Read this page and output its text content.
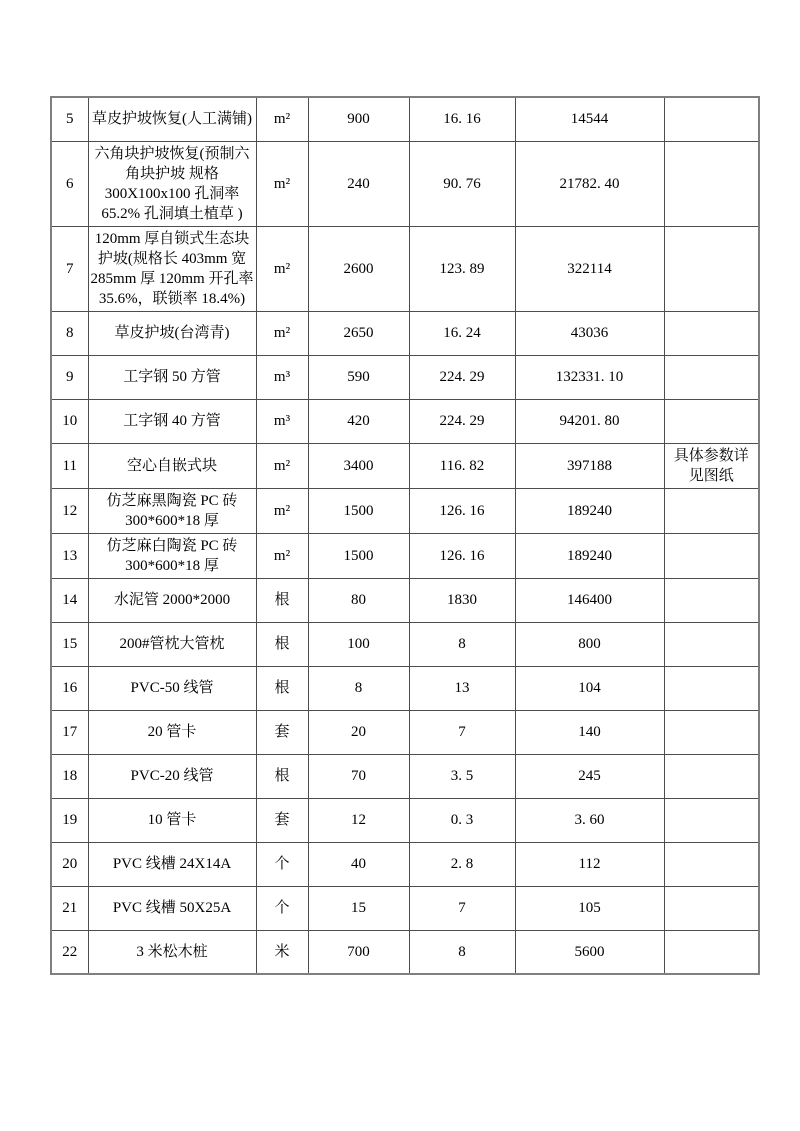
5	草皮护坡恢复(人工满铺)	m²	900	16. 16	14544	
6	六角块护坡恢复(预制六角块护坡 规格300X100x100 孔洞率65.2% 孔洞填土植草 )	m²	240	90. 76	21782. 40	
7	120mm 厚自锁式生态块护坡(规格长 403mm 宽 285mm 厚 120mm 开孔率 35.6%，联锁率 18.4%)	m²	2600	123. 89	322114	
8	草皮护坡(台湾青)	m²	2650	16. 24	43036	
9	工字钢 50 方管	m³	590	224. 29	132331. 10	
10	工字钢 40 方管	m³	420	224. 29	94201. 80	
11	空心自嵌式块	m²	3400	116. 82	397188	具体参数详见图纸
12	仿芝麻黑陶瓷 PC 砖 300*600*18 厚	m²	1500	126. 16	189240	
13	仿芝麻白陶瓷 PC 砖 300*600*18 厚	m²	1500	126. 16	189240	
14	水泥管 2000*2000	根	80	1830	146400	
15	200#管枕大管枕	根	100	8	800	
16	PVC-50 线管	根	8	13	104	
17	20 管卡	套	20	7	140	
18	PVC-20 线管	根	70	3. 5	245	
19	10 管卡	套	12	0. 3	3. 60	
20	PVC 线槽 24X14A	个	40	2. 8	112	
21	PVC 线槽 50X25A	个	15	7	105	
22	3 米松木桩	米	700	8	5600	
